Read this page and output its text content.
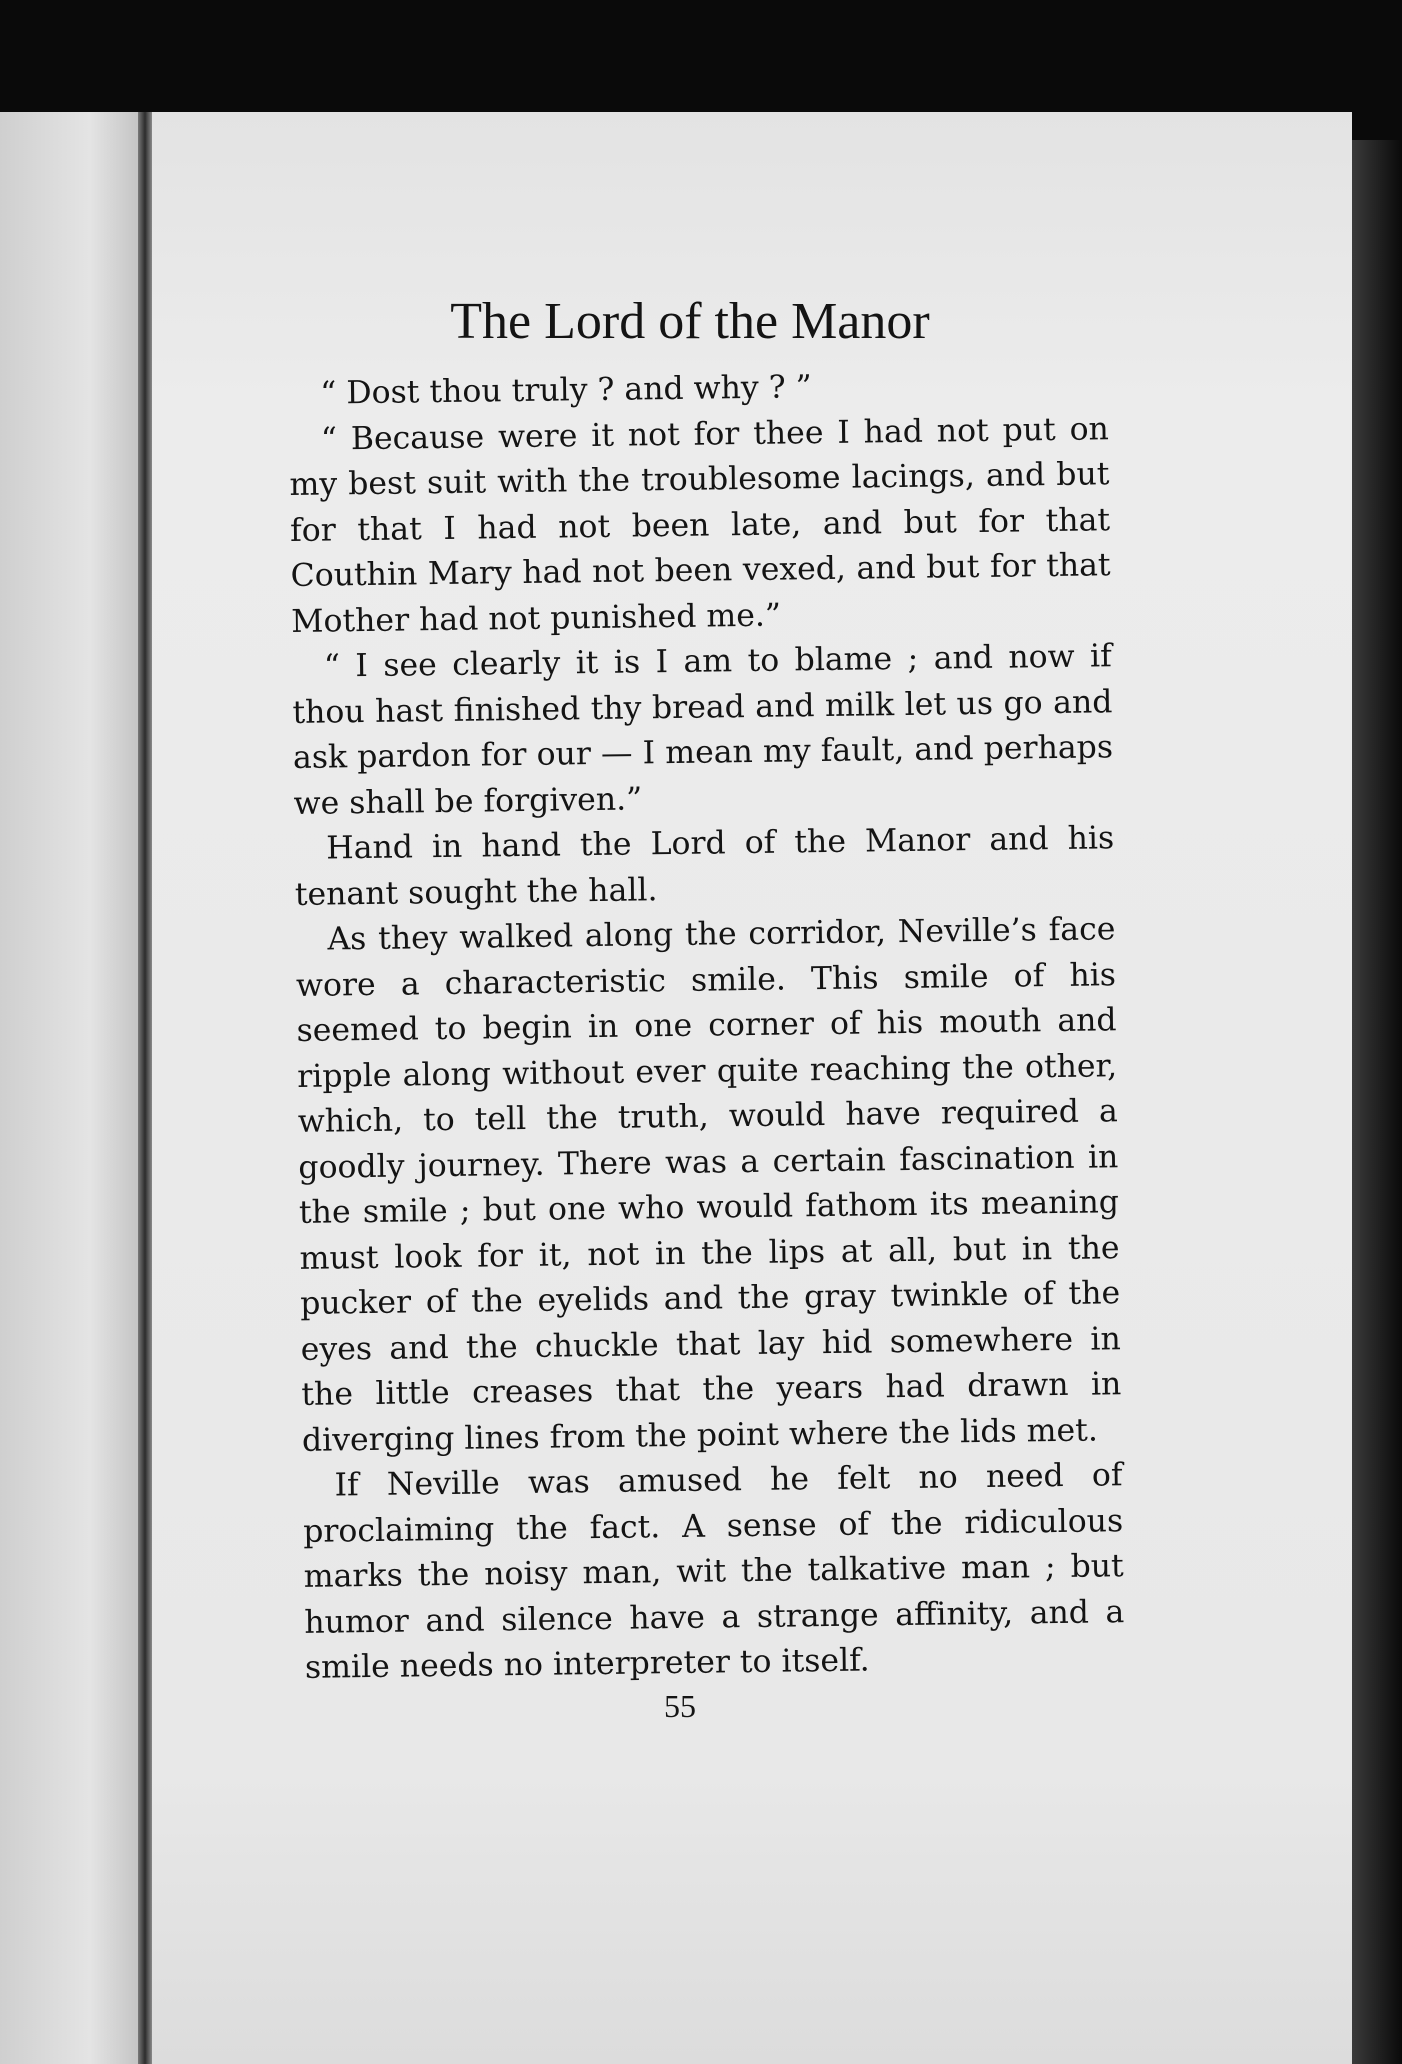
The Lord of the Manor

“ Dost thou truly ? and why ? ”

“ Because were it not for thee I had not put on my best suit with the troublesome lacings, and but for that I had not been late, and but for that Couthin Mary had not been vexed, and but for that Mother had not punished me.”

“ I see clearly it is I am to blame ; and now if thou hast finished thy bread and milk let us go and ask pardon for our — I mean my fault, and perhaps we shall be forgiven.”

Hand in hand the Lord of the Manor and his tenant sought the hall.

As they walked along the corridor, Neville’s face wore a characteristic smile. This smile of his seemed to begin in one corner of his mouth and ripple along without ever quite reaching the other, which, to tell the truth, would have required a goodly journey. There was a certain fascination in the smile ; but one who would fathom its meaning must look for it, not in the lips at all, but in the pucker of the eyelids and the gray twinkle of the eyes and the chuckle that lay hid somewhere in the little creases that the years had drawn in diverging lines from the point where the lids met.

If Neville was amused he felt no need of proclaiming the fact. A sense of the ridiculous marks the noisy man, wit the talkative man ; but humor and silence have a strange affinity, and a smile needs no interpreter to itself.

55
